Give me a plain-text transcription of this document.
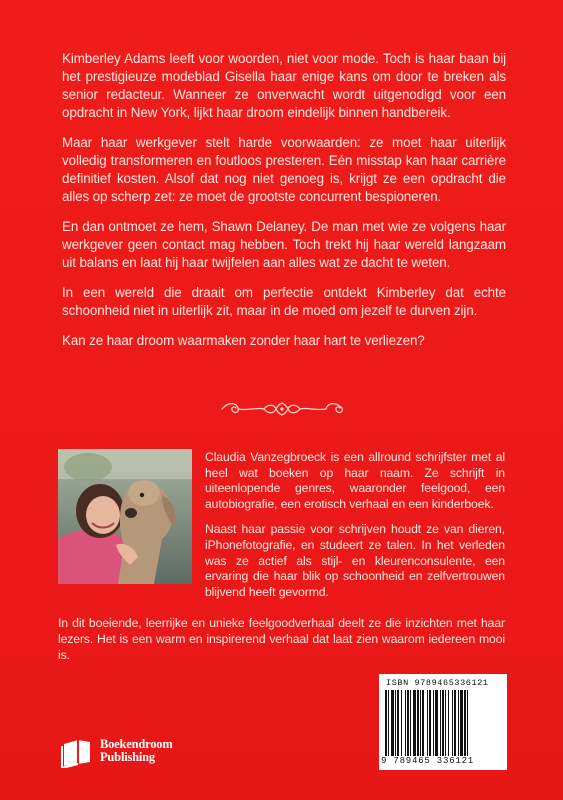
Kimberley Adams leeft voor woorden, niet voor mode. Toch is haar baan bij het prestigieuze modeblad Gisella haar enige kans om door te breken als senior redacteur. Wanneer ze onverwacht wordt uitgenodigd voor een opdracht in New York, lijkt haar droom eindelijk binnen handbereik.

Maar haar werkgever stelt harde voorwaarden: ze moet haar uiterlijk volledig transformeren en foutloos presteren. Eén misstap kan haar carrière definitief kosten. Alsof dat nog niet genoeg is, krijgt ze een opdracht die alles op scherp zet: ze moet de grootste concurrent bespioneren.

En dan ontmoet ze hem, Shawn Delaney. De man met wie ze volgens haar werkgever geen contact mag hebben. Toch trekt hij haar wereld langzaam uit balans en laat hij haar twijfelen aan alles wat ze dacht te weten.

In een wereld die draait om perfectie ontdekt Kimberley dat echte schoonheid niet in uiterlijk zit, maar in de moed om jezelf te durven zijn.

Kan ze haar droom waarmaken zonder haar hart te verliezen?

Claudia Vanzegbroeck is een allround schrijfster met al heel wat boeken op haar naam. Ze schrijft in uiteenlopende genres, waaronder feelgood, een autobiografie, een erotisch verhaal en een kinderboek.

Naast haar passie voor schrijven houdt ze van dieren, iPhonefotografie, en studeert ze talen. In het verleden was ze actief als stijl- en kleurenconsulente, een ervaring die haar blik op schoonheid en zelfvertrouwen blijvend heeft gevormd.

In dit boeiende, leerrijke en unieke feelgoodverhaal deelt ze die inzichten met haar lezers. Het is een warm en inspirerend verhaal dat laat zien waarom iedereen mooi is.

ISBN 9789465336121
9 789465 336121
Boekendroom
Publishing
